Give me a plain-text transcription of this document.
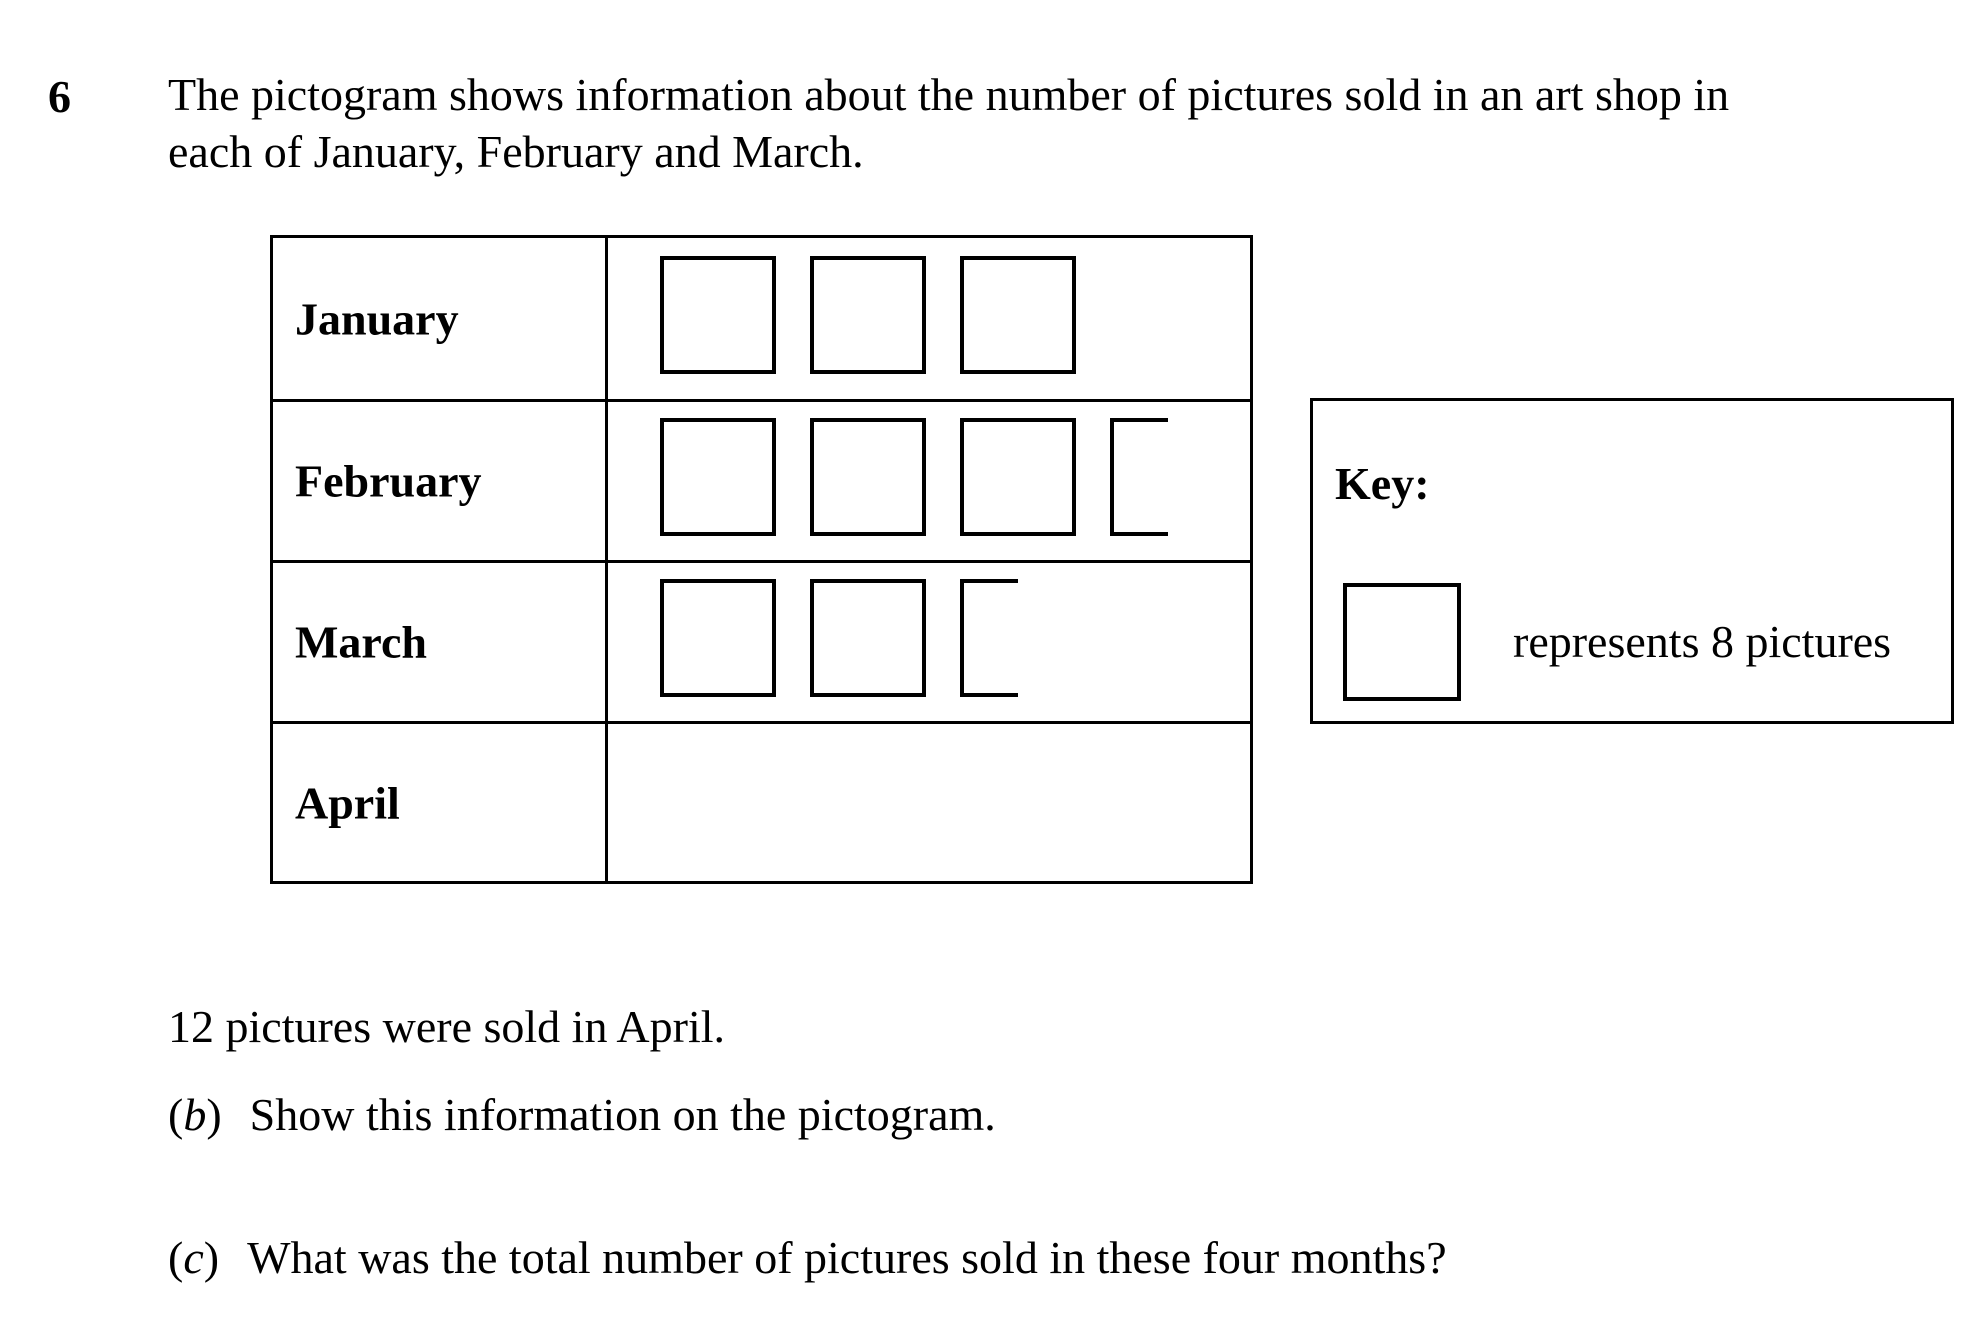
6 The pictogram shows information about the number of pictures sold in an art shop in
each of January, February and March.
January
February
March
April
Key:
represents 8 pictures
12 pictures were sold in April.
(b) Show this information on the pictogram.
(c) What was the total number of pictures sold in these four months?
